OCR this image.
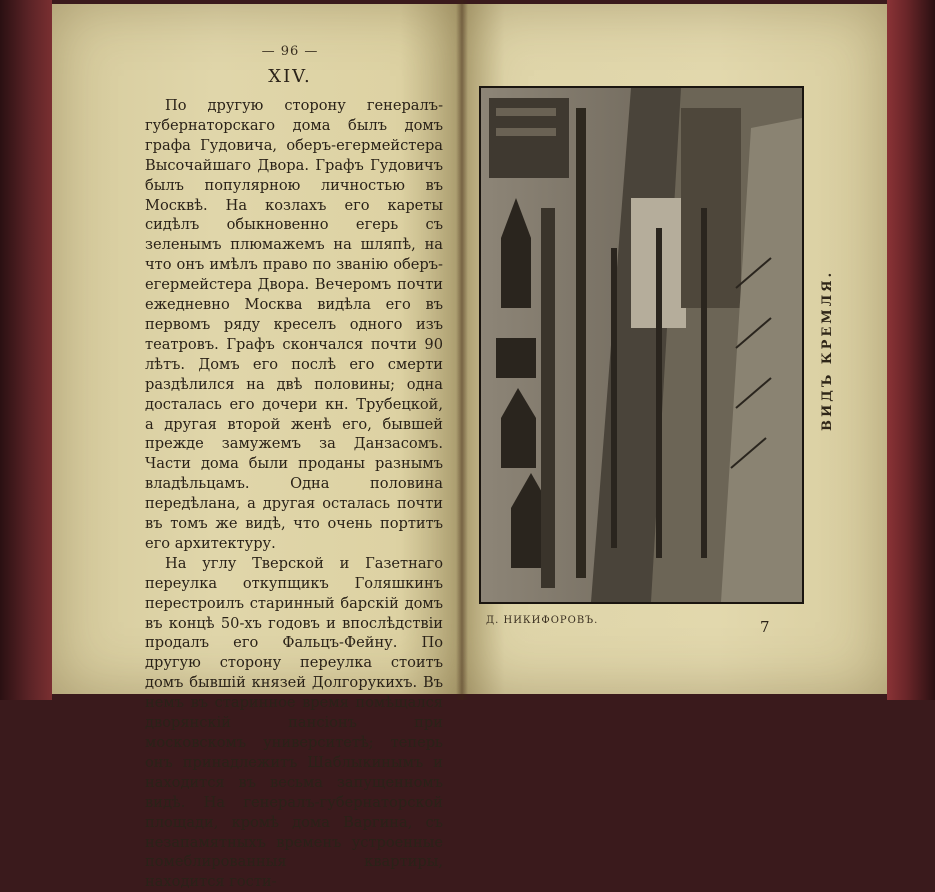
— 96 —
XIV.

По другую сторону генералъ-губернаторскаго дома былъ домъ графа Гудовича, оберъ-егермейстера Высочайшаго Двора. Графъ Гудовичъ былъ популярною личностью въ Москвѣ. На козлахъ его кареты сидѣлъ обыкновенно егерь съ зеленымъ плюмажемъ на шляпѣ, на что онъ имѣлъ право по званію оберъ-егермейстера Двора. Вечеромъ почти ежедневно Москва видѣла его въ первомъ ряду креселъ одного изъ театровъ. Графъ скончался почти 90 лѣтъ. Домъ его послѣ его смерти раздѣлился на двѣ половины; одна досталась его дочери кн. Трубецкой, а другая второй женѣ его, бывшей прежде замужемъ за Данзасомъ. Части дома были проданы разнымъ владѣльцамъ. Одна половина передѣлана, а другая осталась почти въ томъ же видѣ, что очень портитъ его архитектуру.

На углу Тверской и Газетнаго переулка откупщикъ Голяшкинъ перестроилъ старинный барскій домъ въ концѣ 50-хъ годовъ и впослѣдствіи продалъ его Фальцъ-Фейну. По другую сторону переулка стоитъ домъ бывшій князей Долгорукихъ. Въ немъ въ старинное время помѣщался дворянскій пансіонъ при московскомъ университетѣ; теперь онъ принадлежитъ Шаблыкинымъ и находится въ весьма запущенномъ видѣ. На генералъ-губернаторской площади, кромѣ дома Варгина, съ незапамятныхъ временъ устроенные помеблированныя квартиры, находится гости-

ВИДЪ КРЕМЛЯ.
Д. НИКИФОРОВЪ.	7
